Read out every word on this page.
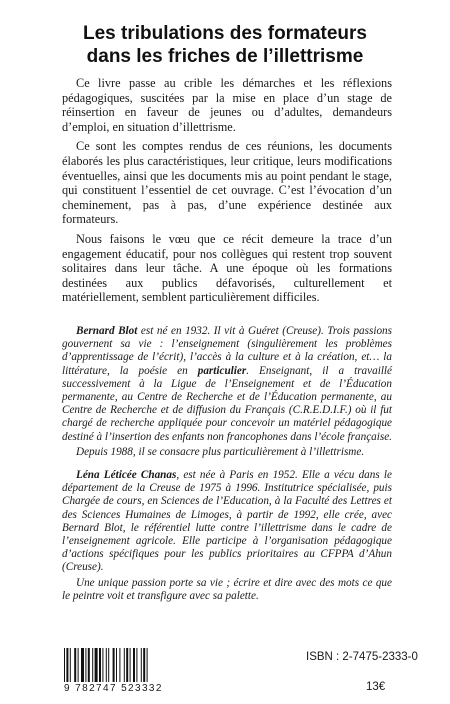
Les tribulations des formateurs
dans les friches de l’illettrisme

Ce livre passe au crible les démarches et les réflexions pédagogiques, suscitées par la mise en place d’un stage de réinsertion en faveur de jeunes ou d’adultes, demandeurs d’emploi, en situation d’illettrisme.

Ce sont les comptes rendus de ces réunions, les documents élaborés les plus caractéristiques, leur critique, leurs modifications éventuelles, ainsi que les documents mis au point pendant le stage, qui constituent l’essentiel de cet ouvrage. C’est l’évocation d’un cheminement, pas à pas, d’une expérience destinée aux formateurs.

Nous faisons le vœu que ce récit demeure la trace d’un engagement éducatif, pour nos collègues qui restent trop souvent solitaires dans leur tâche. A une époque où les formations destinées aux publics défavorisés, culturellement et matériellement, semblent particulièrement difficiles.

Bernard Blot est né en 1932. Il vit à Guéret (Creuse). Trois passions gouvernent sa vie : l’enseignement (singulièrement les problèmes d’apprentissage de l’écrit), l’accès à la culture et à la création, et… la littérature, la poésie en particulier. Enseignant, il a travaillé successivement à la Ligue de l’Enseignement et de l’Éducation permanente, au Centre de Recherche et de l’Éducation permanente, au Centre de Recherche et de diffusion du Français (C.R.E.D.I.F.) où il fut chargé de recherche appliquée pour concevoir un matériel pédagogique destiné à l’insertion des enfants non francophones dans l’école française.

Depuis 1988, il se consacre plus particulièrement à l’illettrisme.

Léna Léticée Chanas, est née à Paris en 1952. Elle a vécu dans le département de la Creuse de 1975 à 1996. Institutrice spécialisée, puis Chargée de cours, en Sciences de l’Education, à la Faculté des Lettres et des Sciences Humaines de Limoges, à partir de 1992, elle crée, avec Bernard Blot, le référentiel lutte contre l’illettrisme dans le cadre de l’enseignement agricole. Elle participe à l’organisation pédagogique d’actions spécifiques pour les publics prioritaires au CFPPA d’Ahun (Creuse).

Une unique passion porte sa vie ; écrire et dire avec des mots ce que le peintre voit et transfigure avec sa palette.

9 782747 523332
ISBN : 2-7475-2333-0
13€
